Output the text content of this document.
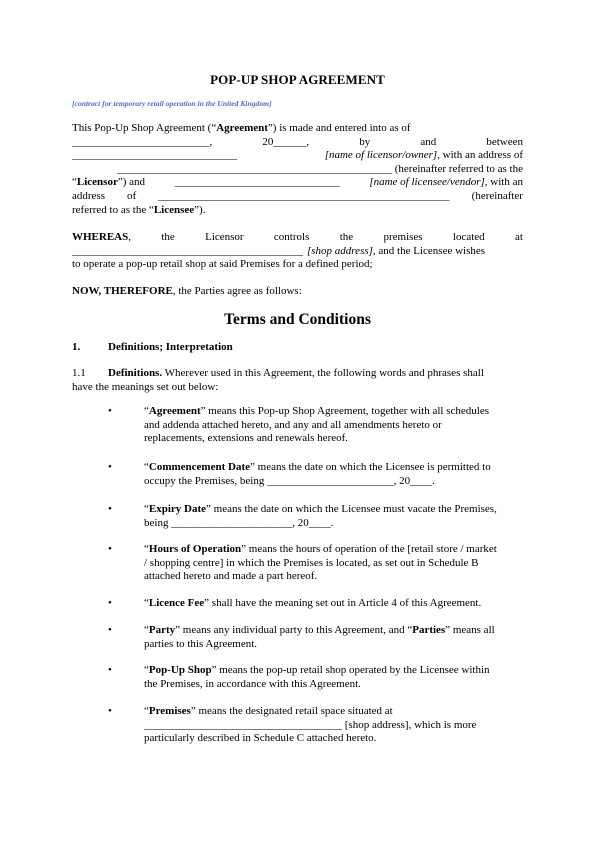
POP-UP SHOP AGREEMENT
[contract for temporary retail operation in the United Kingdom]
This Pop-Up Shop Agreement (“Agreement”) is made and entered into as of
_________________________,	20______,	by	and	between
______________________________	[name of licensor/owner], with an address of
__________________________________________________ (hereinafter referred to as the
“Licensor”) and	______________________________	[name of licensee/vendor], with an
address of _____________________________________________________ (hereinafter
referred to as the “Licensee”).
WHEREAS,	the	Licensor	controls	the	premises	located	at
__________________________________________ [shop address], and the Licensee wishes
to operate a pop-up retail shop at said Premises for a defined period;
NOW, THEREFORE, the Parties agree as follows:
Terms and Conditions
1.	Definitions; Interpretation
1.1 Definitions. Wherever used in this Agreement, the following words and phrases shall
have the meanings set out below:
•	“Agreement” means this Pop-up Shop Agreement, together with all schedules
and addenda attached hereto, and any and all amendments hereto or
replacements, extensions and renewals hereof.
•	“Commencement Date” means the date on which the Licensee is permitted to
occupy the Premises, being _______________________, 20____.
•	“Expiry Date” means the date on which the Licensee must vacate the Premises,
being ______________________, 20____.
•	“Hours of Operation” means the hours of operation of the [retail store / market
/ shopping centre] in which the Premises is located, as set out in Schedule B
attached hereto and made a part hereof.
•	“Licence Fee” shall have the meaning set out in Article 4 of this Agreement.
•	“Party” means any individual party to this Agreement, and “Parties” means all
parties to this Agreement.
•	“Pop-Up Shop” means the pop-up retail shop operated by the Licensee within
the Premises, in accordance with this Agreement.
•	“Premises” means the designated retail space situated at
____________________________________ [shop address], which is more
particularly described in Schedule C attached hereto.
